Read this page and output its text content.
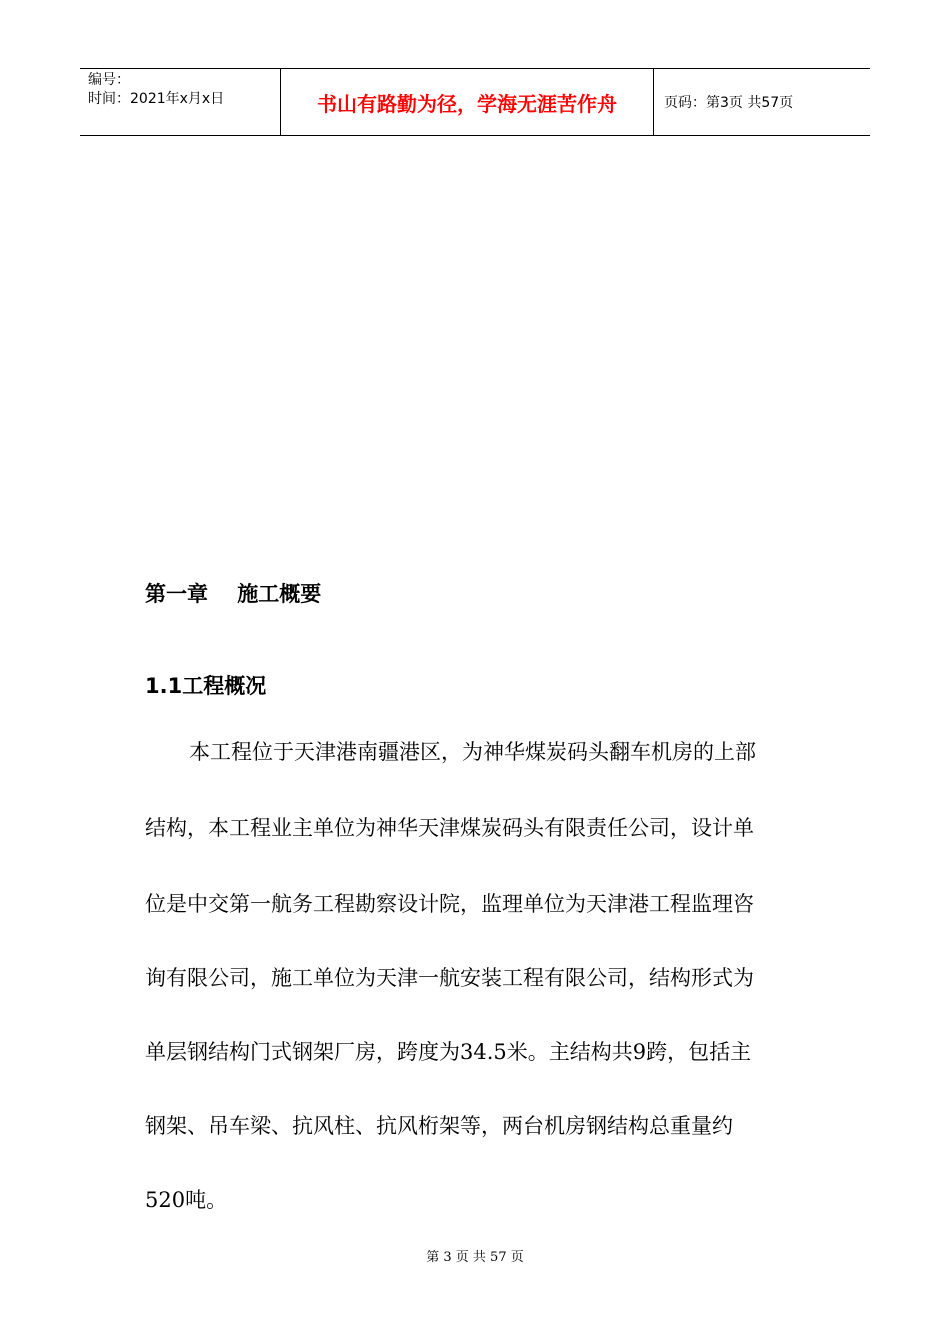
编号：
时间：2021年x月x日	书山有路勤为径，学海无涯苦作舟	页码：第3页 共57页
第一章    施工概要
1.1工程概况
本工程位于天津港南疆港区，为神华煤炭码头翻车机房的上部
结构，本工程业主单位为神华天津煤炭码头有限责任公司，设计单
位是中交第一航务工程勘察设计院，监理单位为天津港工程监理咨
询有限公司，施工单位为天津一航安装工程有限公司，结构形式为
单层钢结构门式钢架厂房，跨度为34.5米。主结构共9跨，包括主
钢架、吊车梁、抗风柱、抗风桁架等，两台机房钢结构总重量约
520吨。
第 3 页 共 57 页
